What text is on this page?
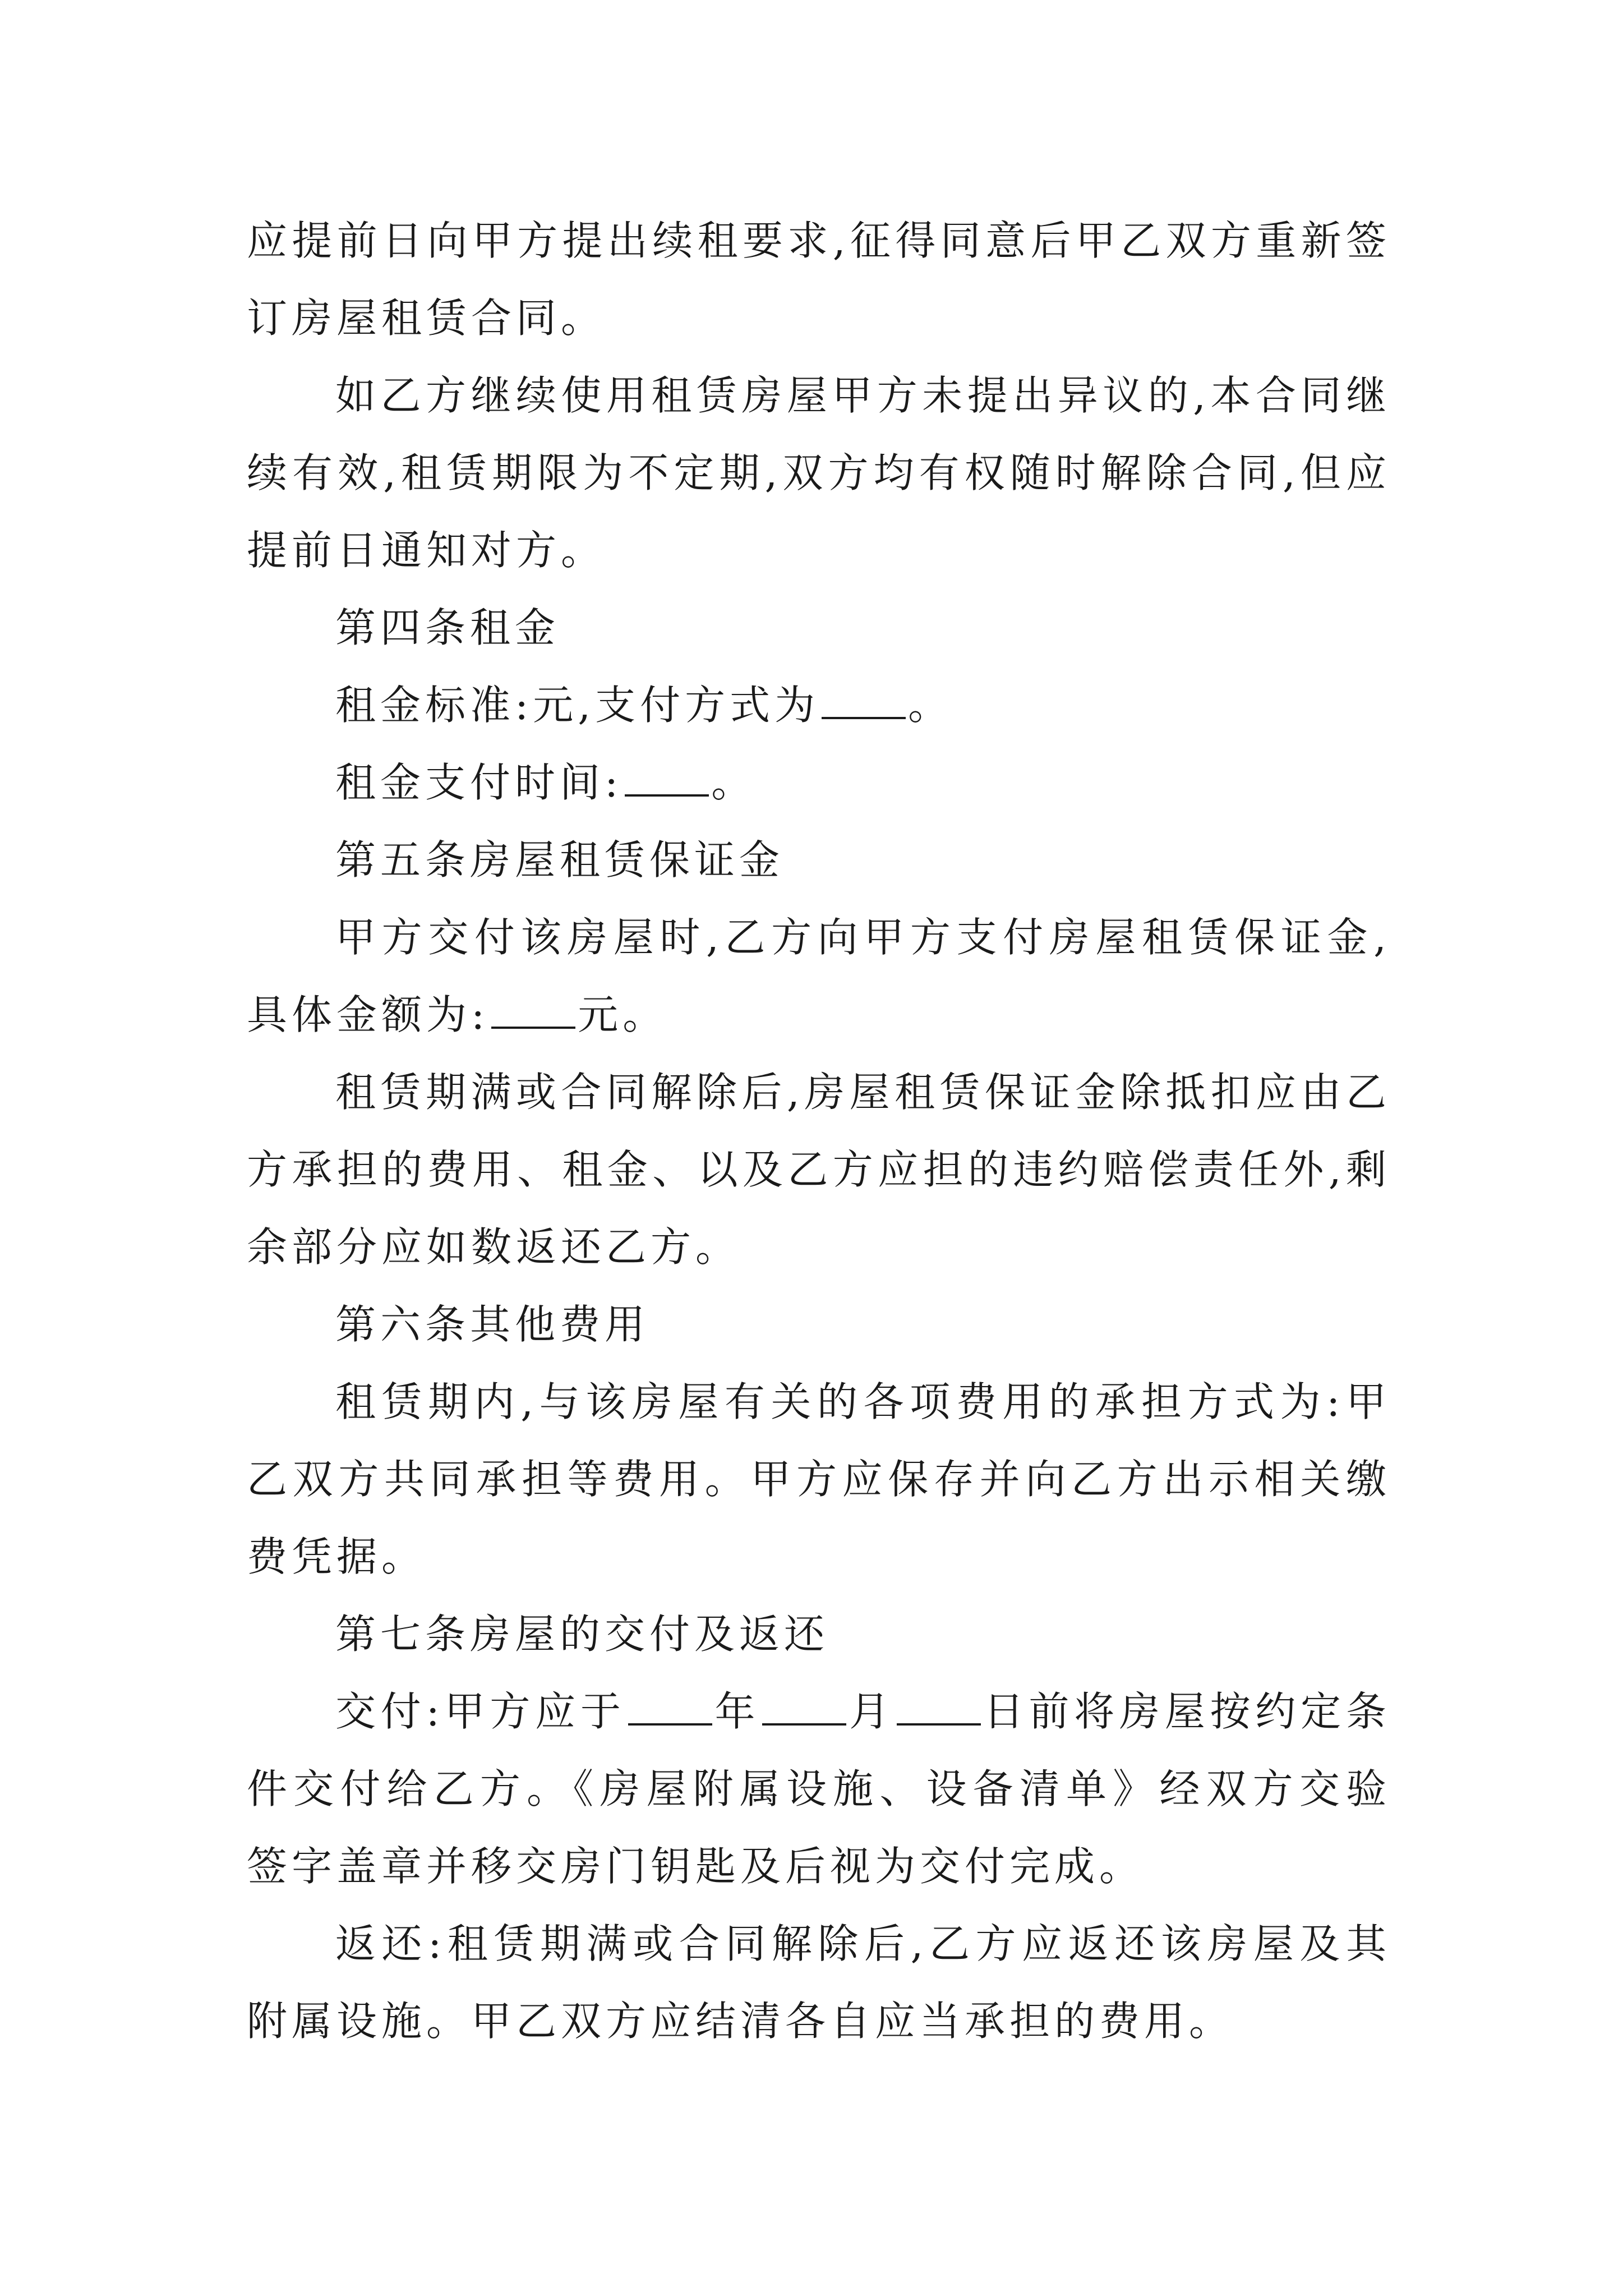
应提前日向甲方提出续租要求,征得同意后甲乙双方重新签订房屋租赁合同。

如乙方继续使用租赁房屋甲方未提出异议的,本合同继续有效,租赁期限为不定期,双方均有权随时解除合同,但应提前日通知对方。

第四条租金

租金标准:元,支付方式为 。

租金支付时间: 。

第五条房屋租赁保证金

甲方交付该房屋时,乙方向甲方支付房屋租赁保证金,具体金额为: 元。

租赁期满或合同解除后,房屋租赁保证金除抵扣应由乙方承担的费用、租金、以及乙方应担的违约赔偿责任外,剩余部分应如数返还乙方。

第六条其他费用

租赁期内,与该房屋有关的各项费用的承担方式为:甲乙双方共同承担等费用。甲方应保存并向乙方出示相关缴费凭据。

第七条房屋的交付及返还

交付:甲方应于 年 月 日前将房屋按约定条件交付给乙方。《房屋附属设施、设备清单》经双方交验签字盖章并移交房门钥匙及后视为交付完成。

返还:租赁期满或合同解除后,乙方应返还该房屋及其附属设施。甲乙双方应结清各自应当承担的费用。
